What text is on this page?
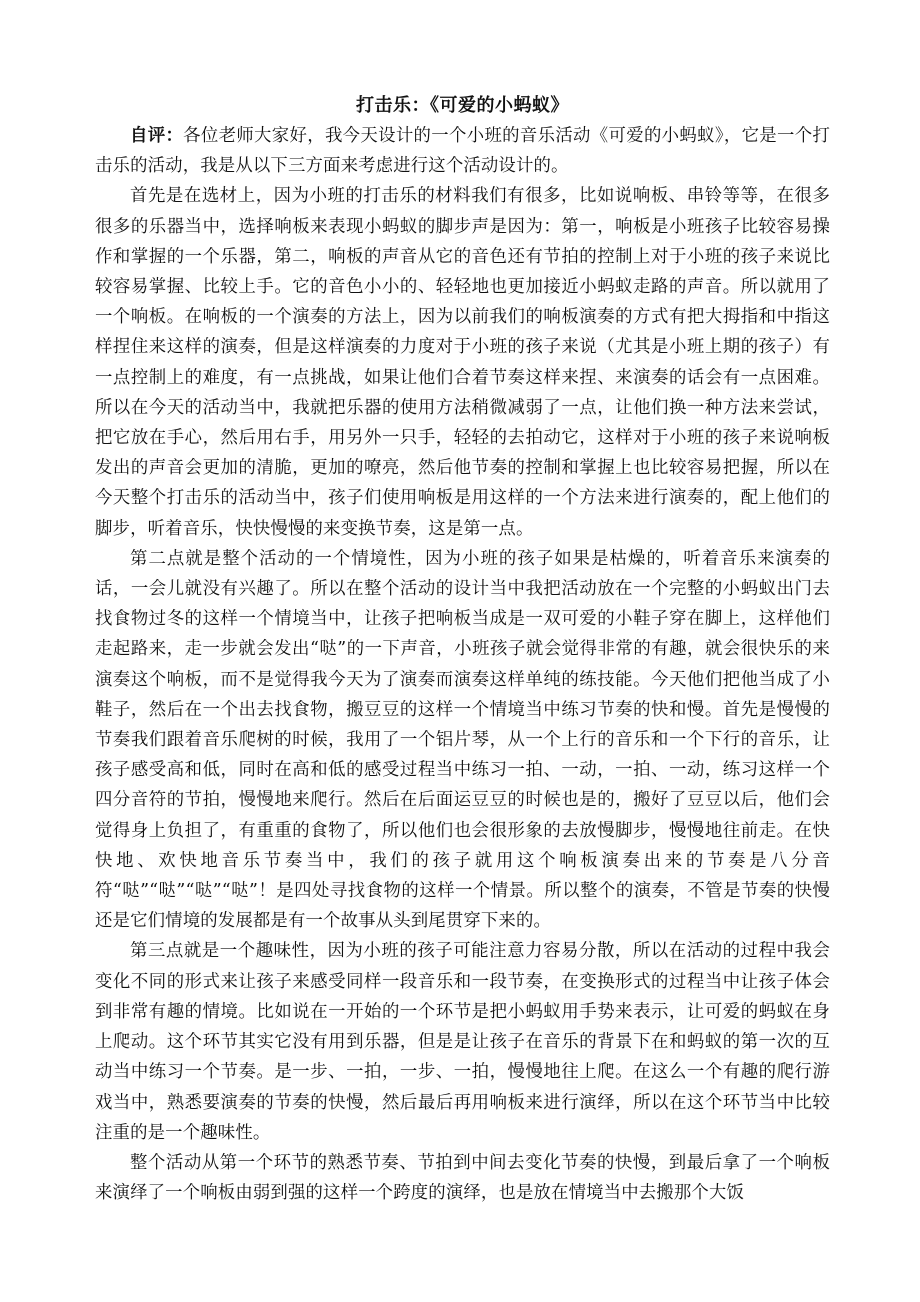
打击乐：《可爱的小蚂蚁》

自评：各位老师大家好，我今天设计的一个小班的音乐活动《可爱的小蚂蚁》，它是一个打击乐的活动，我是从以下三方面来考虑进行这个活动设计的。

首先是在选材上，因为小班的打击乐的材料我们有很多，比如说响板、串铃等等，在很多很多的乐器当中，选择响板来表现小蚂蚁的脚步声是因为：第一，响板是小班孩子比较容易操作和掌握的一个乐器，第二，响板的声音从它的音色还有节拍的控制上对于小班的孩子来说比较容易掌握、比较上手。它的音色小小的、轻轻地也更加接近小蚂蚁走路的声音。所以就用了一个响板。在响板的一个演奏的方法上，因为以前我们的响板演奏的方式有把大拇指和中指这样捏住来这样的演奏，但是这样演奏的力度对于小班的孩子来说（尤其是小班上期的孩子）有一点控制上的难度，有一点挑战，如果让他们合着节奏这样来捏、来演奏的话会有一点困难。所以在今天的活动当中，我就把乐器的使用方法稍微减弱了一点，让他们换一种方法来尝试，把它放在手心，然后用右手，用另外一只手，轻轻的去拍动它，这样对于小班的孩子来说响板发出的声音会更加的清脆，更加的嘹亮，然后他节奏的控制和掌握上也比较容易把握，所以在今天整个打击乐的活动当中，孩子们使用响板是用这样的一个方法来进行演奏的，配上他们的脚步，听着音乐，快快慢慢的来变换节奏，这是第一点。

第二点就是整个活动的一个情境性，因为小班的孩子如果是枯燥的，听着音乐来演奏的话，一会儿就没有兴趣了。所以在整个活动的设计当中我把活动放在一个完整的小蚂蚁出门去找食物过冬的这样一个情境当中，让孩子把响板当成是一双可爱的小鞋子穿在脚上，这样他们走起路来，走一步就会发出“哒”的一下声音，小班孩子就会觉得非常的有趣，就会很快乐的来演奏这个响板，而不是觉得我今天为了演奏而演奏这样单纯的练技能。今天他们把他当成了小鞋子，然后在一个出去找食物，搬豆豆的这样一个情境当中练习节奏的快和慢。首先是慢慢的节奏我们跟着音乐爬树的时候，我用了一个铝片琴，从一个上行的音乐和一个下行的音乐，让孩子感受高和低，同时在高和低的感受过程当中练习一拍、一动，一拍、一动，练习这样一个四分音符的节拍，慢慢地来爬行。然后在后面运豆豆的时候也是的，搬好了豆豆以后，他们会觉得身上负担了，有重重的食物了，所以他们也会很形象的去放慢脚步，慢慢地往前走。在快快地、欢快地音乐节奏当中，我们的孩子就用这个响板演奏出来的节奏是八分音符“哒”“哒”“哒”“哒”！是四处寻找食物的这样一个情景。所以整个的演奏，不管是节奏的快慢还是它们情境的发展都是有一个故事从头到尾贯穿下来的。

第三点就是一个趣味性，因为小班的孩子可能注意力容易分散，所以在活动的过程中我会变化不同的形式来让孩子来感受同样一段音乐和一段节奏，在变换形式的过程当中让孩子体会到非常有趣的情境。比如说在一开始的一个环节是把小蚂蚁用手势来表示，让可爱的蚂蚁在身上爬动。这个环节其实它没有用到乐器，但是是让孩子在音乐的背景下在和蚂蚁的第一次的互动当中练习一个节奏。是一步、一拍，一步、一拍，慢慢地往上爬。在这么一个有趣的爬行游戏当中，熟悉要演奏的节奏的快慢，然后最后再用响板来进行演绎，所以在这个环节当中比较注重的是一个趣味性。

整个活动从第一个环节的熟悉节奏、节拍到中间去变化节奏的快慢，到最后拿了一个响板来演绎了一个响板由弱到强的这样一个跨度的演绎，也是放在情境当中去搬那个大饭
